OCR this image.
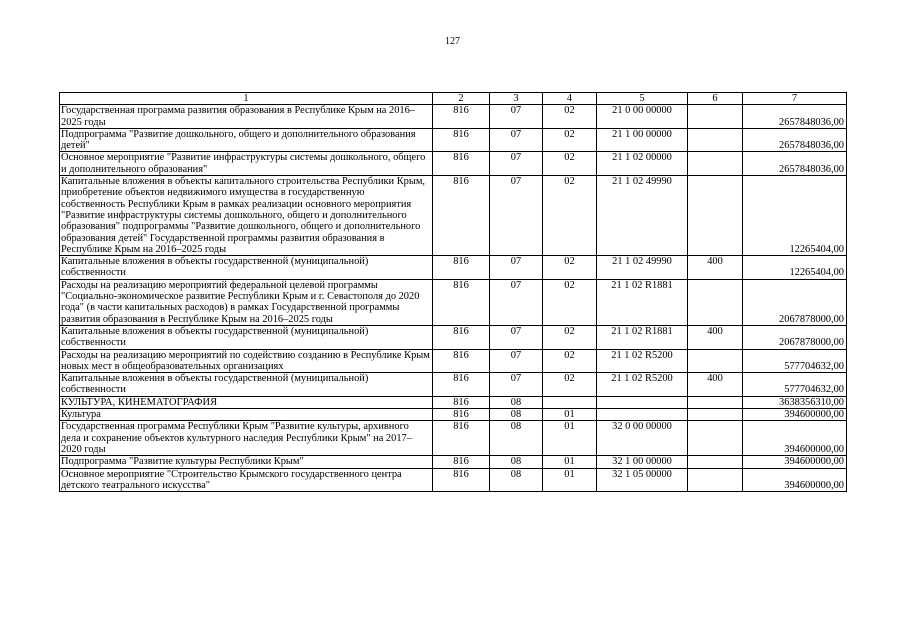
127
1	2	3	4	5	6	7
Государственная программа развития образования в Республике Крым на 2016–2025 годы	816	07	02	21 0 00 00000		2657848036,00
Подпрограмма "Развитие дошкольного, общего и дополнительного образования детей"	816	07	02	21 1 00 00000		2657848036,00
Основное мероприятие "Развитие инфраструктуры системы дошкольного, общего и дополнительного образования"	816	07	02	21 1 02 00000		2657848036,00
Капитальные вложения в объекты капитального строительства Республики Крым, приобретение объектов недвижимого имущества в государственную собственность Республики Крым в рамках реализации основного мероприятия "Развитие инфраструктуры системы дошкольного, общего и дополнительного образования" подпрограммы "Развитие дошкольного, общего и дополнительного образования детей" Государственной программы развития образования в Республике Крым на 2016–2025 годы	816	07	02	21 1 02 49990		12265404,00
Капитальные вложения в объекты государственной (муниципальной) собственности	816	07	02	21 1 02 49990	400	12265404,00
Расходы на реализацию мероприятий федеральной целевой программы "Социально-экономическое развитие Республики Крым и г. Севастополя до 2020 года" (в части капитальных расходов) в рамках Государственной программы развития образования в Республике Крым на 2016–2025 годы	816	07	02	21 1 02 R1881		2067878000,00
Капитальные вложения в объекты государственной (муниципальной) собственности	816	07	02	21 1 02 R1881	400	2067878000,00
Расходы на реализацию мероприятий по содействию созданию в Республике Крым новых мест в общеобразовательных организациях	816	07	02	21 1 02 R5200		577704632,00
Капитальные вложения в объекты государственной (муниципальной) собственности	816	07	02	21 1 02 R5200	400	577704632,00
КУЛЬТУРА, КИНЕМАТОГРАФИЯ	816	08				3638356310,00
Культура	816	08	01			394600000,00
Государственная программа Республики Крым "Развитие культуры, архивного дела и сохранение объектов культурного наследия Республики Крым" на 2017–2020 годы	816	08	01	32 0 00 00000		394600000,00
Подпрограмма "Развитие культуры Республики Крым"	816	08	01	32 1 00 00000		394600000,00
Основное мероприятие "Строительство Крымского государственного центра детского театрального искусства"	816	08	01	32 1 05 00000		394600000,00
